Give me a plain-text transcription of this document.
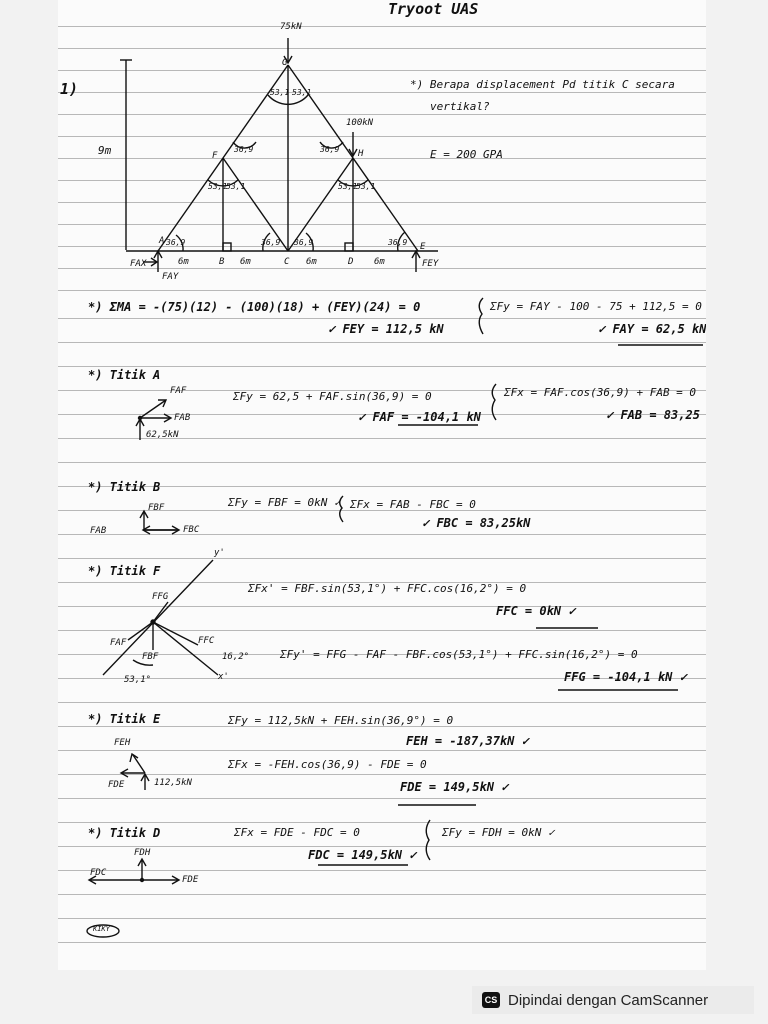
Tryoot UAS
1)	*) Berapa displacement Pd titik C secara
vertikal?
E = 200 GPA
75kN
100kN
9m
G
F	H
A
B	C	D
E
6m	6m	6m	6m
36,9
36,9
53,1
53,1
53,1 53,1
36,9
53,1
53,1
36,9 36,9	36,9
FAX
FAY
FEY
*) ΣMA = -(75)(12) - (100)(18) + (FEY)(24) = 0
✓ FEY = 112,5 kN
ΣFy = FAY - 100 - 75 + 112,5 = 0
✓ FAY = 62,5 kN
*) Titik A
FAF
FAB
62,5kN
ΣFy = 62,5 + FAF.sin(36,9) = 0
✓ FAF = -104,1 kN
ΣFx = FAF.cos(36,9) + FAB = 0
✓ FAB = 83,25
*) Titik B
FBF
FAB	FBC
ΣFy = FBF = 0kN ✓ ΣFx = FAB - FBC = 0
✓ FBC = 83,25kN
*) Titik F
y'
x'
FFG
FAF
FBF
FFC
16,2°
53,1°
ΣFx' = FBF.sin(53,1°) + FFC.cos(16,2°) = 0
FFC = 0kN ✓
ΣFy' = FFG - FAF - FBF.cos(53,1°) + FFC.sin(16,2°) = 0
FFG = -104,1 kN ✓
*) Titik E
FEH
FDE	112,5kN
ΣFy = 112,5kN + FEH.sin(36,9°) = 0
FEH = -187,37kN ✓
ΣFx = -FEH.cos(36,9) - FDE = 0
FDE = 149,5kN ✓
*) Titik D
FDH
FDC
FDE
ΣFx = FDE - FDC = 0
FDC = 149,5kN ✓
ΣFy = FDH = 0kN ✓
KIKY
CS Dipindai dengan CamScanner
